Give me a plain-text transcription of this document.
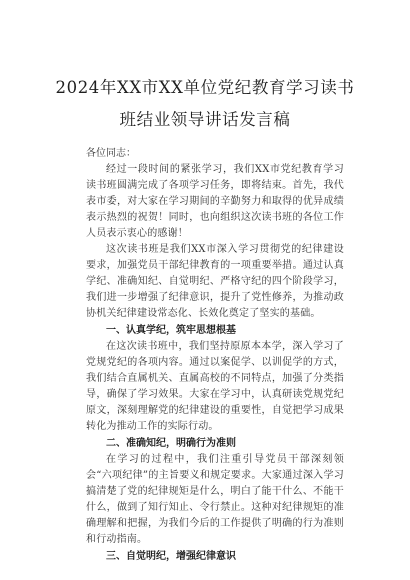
2024年XX市XX单位党纪教育学习读书
班结业领导讲话发言稿

各位同志：

经过一段时间的紧张学习，我们XX市党纪教育学习读书班圆满完成了各项学习任务，即将结束。首先，我代表市委，对大家在学习期间的辛勤努力和取得的优异成绩表示热烈的祝贺！同时，也向组织这次读书班的各位工作人员表示衷心的感谢！

这次读书班是我们XX市深入学习贯彻党的纪律建设要求，加强党员干部纪律教育的一项重要举措。通过认真学纪、准确知纪、自觉明纪、严格守纪的四个阶段学习，我们进一步增强了纪律意识，提升了党性修养，为推动政协机关纪律建设常态化、长效化奠定了坚实的基础。

一、认真学纪，筑牢思想根基

在这次读书班中，我们坚持原原本本学，深入学习了党规党纪的各项内容。通过以案促学、以训促学的方式，我们结合直属机关、直属高校的不同特点，加强了分类指导，确保了学习效果。大家在学习中，认真研读党规党纪原文，深刻理解党的纪律建设的重要性，自觉把学习成果转化为推动工作的实际行动。

二、准确知纪，明确行为准则

在学习的过程中，我们注重引导党员干部深刻领会“六项纪律”的主旨要义和规定要求。大家通过深入学习搞清楚了党的纪律规矩是什么，明白了能干什么、不能干什么，做到了知行知止、令行禁止。这种对纪律规矩的准确理解和把握，为我们今后的工作提供了明确的行为准则和行动指南。

三、自觉明纪，增强纪律意识
